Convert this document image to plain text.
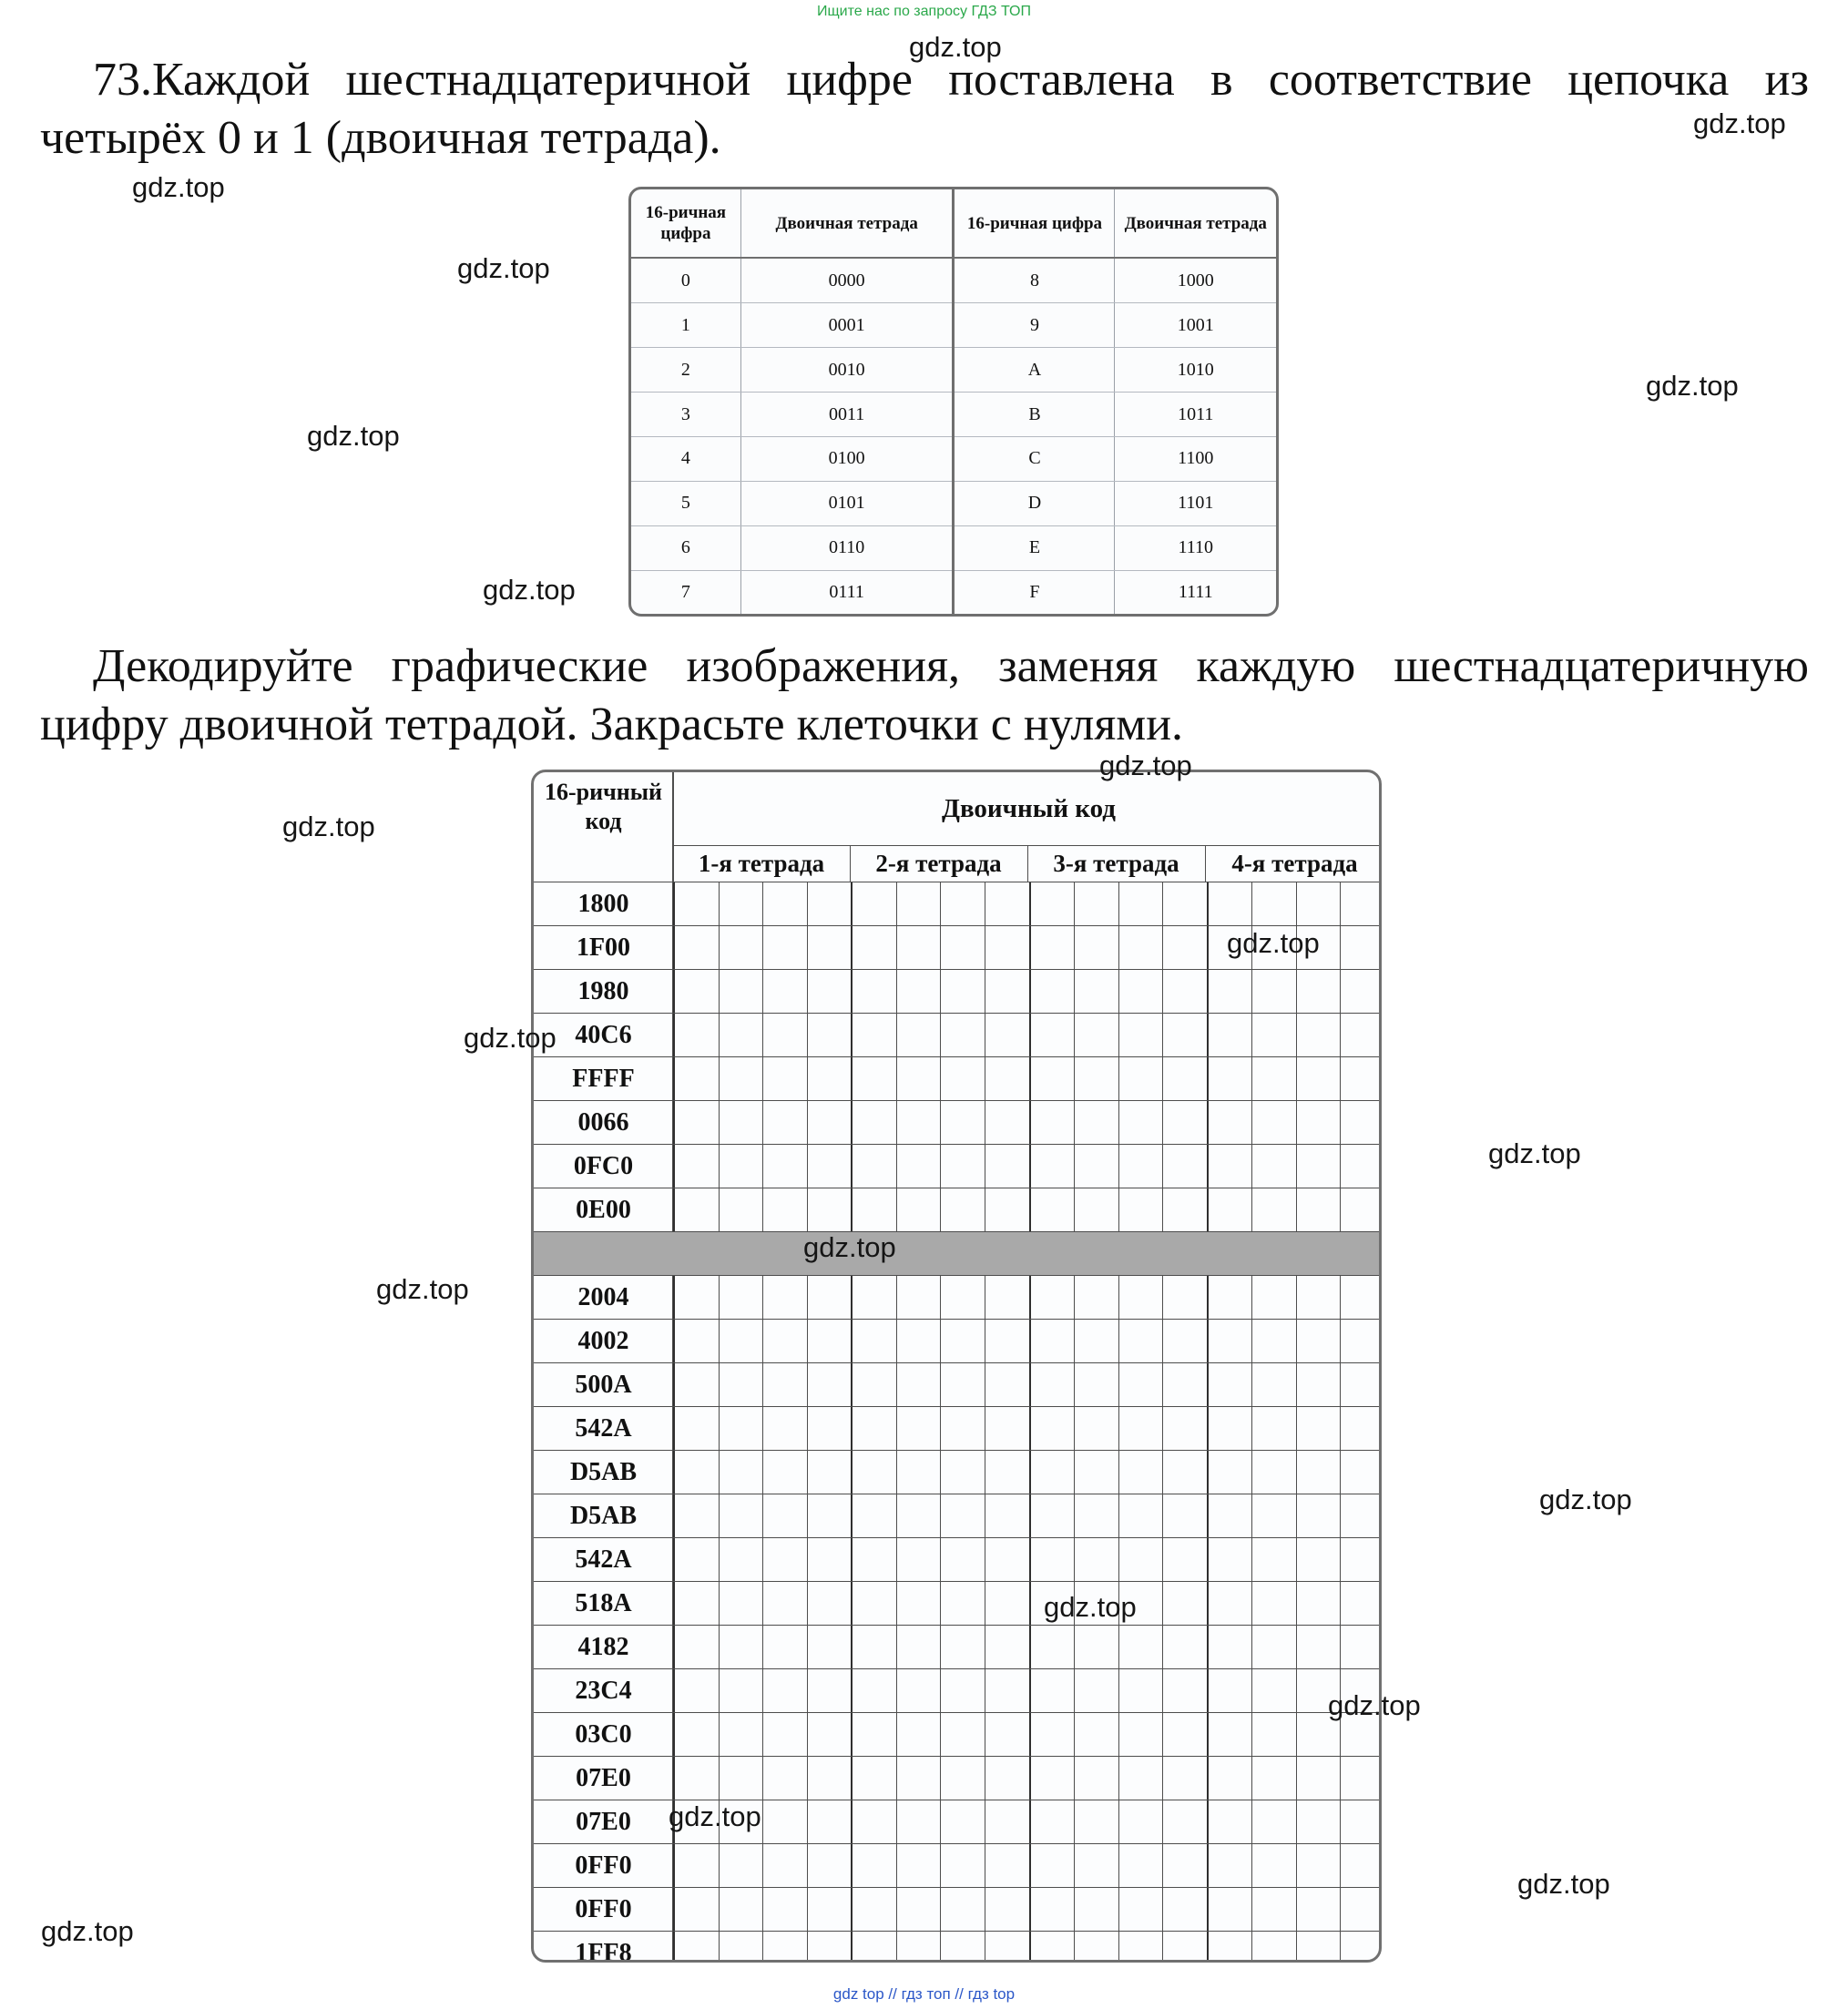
Ищите нас по запросу ГДЗ ТОП
73.Каждой шестнадцатеричной цифре поставлена в соответствие цепочка из четырёх 0 и 1 (двоичная тетрада).
16-ричная цифра	Двоичная тетрада	16-ричная цифра	Двоичная тетрада
0	0000	8	1000
1	0001	9	1001
2	0010	A	1010
3	0011	B	1011
4	0100	C	1100
5	0101	D	1101
6	0110	E	1110
7	0111	F	1111
Декодируйте графические изображения, заменяя каждую шестнадцатеричную цифру двоичной тетрадой. Закрасьте клеточки с нулями.
16-ричный код	Двоичный код
1-я тетрада	2-я тетрада	3-я тетрада	4-я тетрада
1800
1F00
1980
40C6
FFFF
0066
0FC0
0E00
2004
4002
500A
542A
D5AB
D5AB
542A
518A
4182
23C4
03C0
07E0
07E0
0FF0
0FF0
1FF8
gdz.top
gdz.top
gdz.top
gdz.top
gdz.top
gdz.top
gdz.top
gdz.top
gdz.top
gdz.top
gdz.top
gdz.top
gdz.top
gdz.top
gdz.top
gdz.top
gdz.top
gdz.top
gdz.top
gdz.top
gdz top // гдз топ // гдз top
